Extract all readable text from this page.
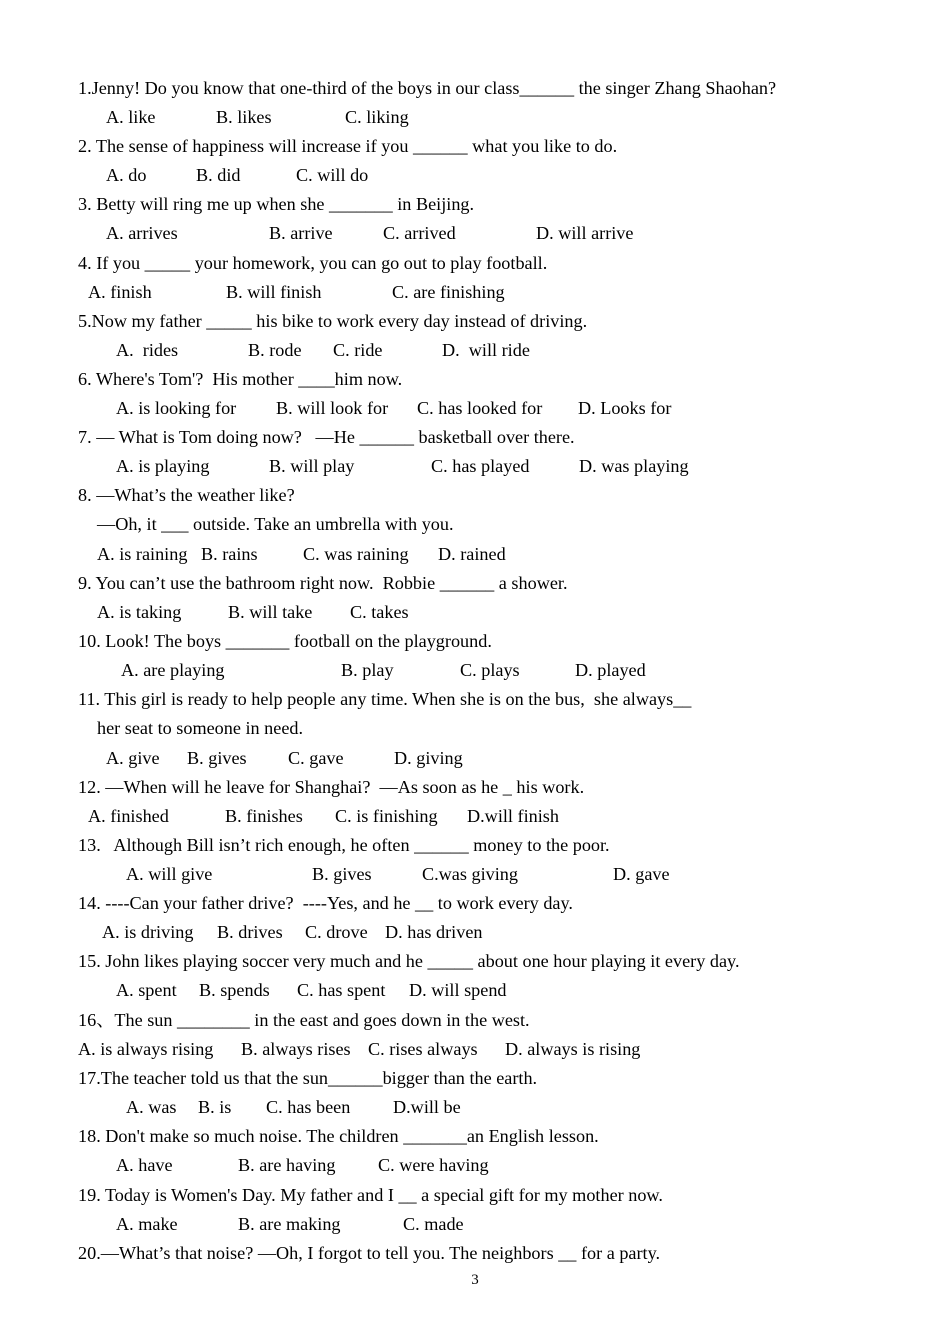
1.Jenny! Do you know that one-third of the boys in our class______ the singer Zhang Shaohan?

A. like

	B. likes

	C. liking

2. The sense of happiness will increase if you ______ what you like to do.

A. do

	B. did

	C. will do

3. Betty will ring me up when she _______ in Beijing.

A. arrives

	B. arrive

	C. arrived

	D. will arrive

4. If you _____ your homework, you can go out to play football.

A. finish

	B. will finish

	C. are finishing

5.Now my father _____ his bike to work every day instead of driving.

A.  rides

	B. rode

C. ride

	D.  will ride

6. Where's Tom'?  His mother ____him now.

A. is looking for

B. will look for

C. has looked for

D. Looks for

7. — What is Tom doing now?   —He ______ basketball over there.

A. is playing

	B. will play

	C. has played

	D. was playing

8. —What’s the weather like?
—Oh, it ___ outside. Take an umbrella with you.

A. is raining

B. rains

C. was raining

D. rained

9. You can’t use the bathroom right now.  Robbie ______ a shower.

A. is taking

	B. will take

C. takes

10. Look! The boys _______ football on the playground.

A. are playing

	B. play

	C. plays

	D. played

11. This girl is ready to help people any time. When she is on the bus,  she always__
her seat to someone in need.

A. give

B. gives

C. gave

	D. giving

12. —When will he leave for Shanghai?  —As soon as he _ his work.

A. finished

	B. finishes

C. is finishing

D.will finish

13.   Although Bill isn’t rich enough, he often ______ money to the poor.

A. will give

	B. gives

	C.was giving

	D. gave

14. ----Can your father drive?  ----Yes, and he __ to work every day.

A. is driving

B. drives

C. drove

D. has driven

15. John likes playing soccer very much and he _____ about one hour playing it every day.

A. spent

B. spends

C. has spent

D. will spend

16、The sun ________ in the east and goes down in the west.

A. is always rising

B. always rises

C. rises always

D. always is rising

17.The teacher told us that the sun______bigger than the earth.

A. was

B. is

C. has been

D.will be

18. Don't make so much noise. The children _______an English lesson.

A. have

	B. are having

C. were having

19. Today is Women's Day. My father and I __ a special gift for my mother now.

A. make

	B. are making

	C. made

20.—What’s that noise? —Oh, I forgot to tell you. The neighbors __ for a party.
3
